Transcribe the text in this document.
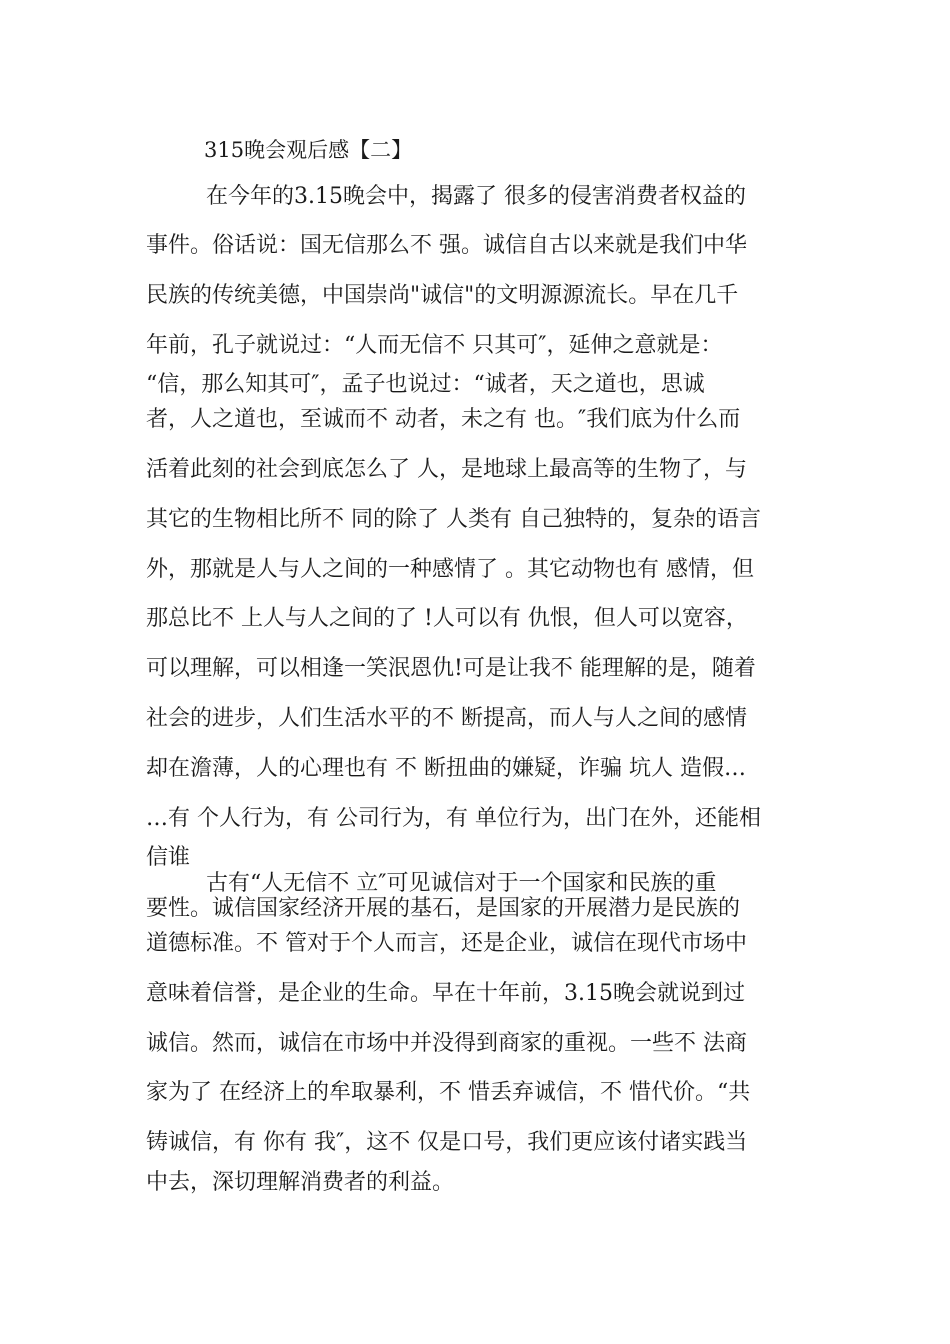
315晚会观后感【二】
在今年的3.15晚会中，揭露了 很多的侵害消费者权益的
事件。俗话说：国无信那么不 强。诚信自古以来就是我们中华
民族的传统美德，中国崇尚"诚信"的文明源源流长。早在几千
年前，孔子就说过：“人而无信不 只其可″，延伸之意就是：
“信，那么知其可″，孟子也说过：“诚者，天之道也，思诚
者，人之道也，至诚而不 动者，未之有 也。″我们底为什么而
活着此刻的社会到底怎么了 人，是地球上最高等的生物了，与
其它的生物相比所不 同的除了 人类有 自己独特的，复杂的语言
外，那就是人与人之间的一种感情了 。其它动物也有 感情，但
那总比不 上人与人之间的了 !人可以有 仇恨，但人可以宽容，
可以理解，可以相逢一笑泯恩仇!可是让我不 能理解的是，随着
社会的进步，人们生活水平的不 断提高，而人与人之间的感情
却在澹薄，人的心理也有 不 断扭曲的嫌疑，诈骗 坑人 造假…
…有 个人行为，有 公司行为，有 单位行为，出门在外，还能相
信谁
古有“人无信不 立″可见诚信对于一个国家和民族的重
要性。诚信国家经济开展的基石，是国家的开展潜力是民族的
道德标准。不 管对于个人而言，还是企业，诚信在现代市场中
意味着信誉，是企业的生命。早在十年前，3.15晚会就说到过
诚信。然而，诚信在市场中并没得到商家的重视。一些不 法商
家为了 在经济上的牟取暴利，不 惜丢弃诚信，不 惜代价。“共
铸诚信，有 你有 我″，这不 仅是口号，我们更应该付诸实践当
中去，深切理解消费者的利益。
